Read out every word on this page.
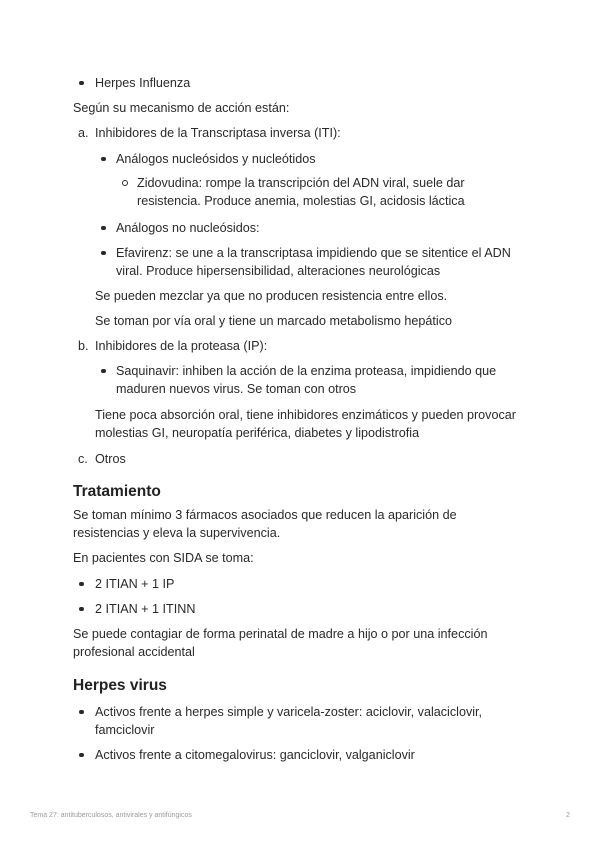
Herpes Influenza
Según su mecanismo de acción están:
a. Inhibidores de la Transcriptasa inversa (ITI):
Análogos nucleósidos y nucleótidos
Zidovudina: rompe la transcripción del ADN viral, suele dar
resistencia. Produce anemia, molestias GI, acidosis láctica
Análogos no nucleósidos:
Efavirenz: se une a la transcriptasa impidiendo que se sitentice el ADN
viral. Produce hipersensibilidad, alteraciones neurológicas
Se pueden mezclar ya que no producen resistencia entre ellos.
Se toman por vía oral y tiene un marcado metabolismo hepático
b. Inhibidores de la proteasa (IP):
Saquinavir: inhiben la acción de la enzima proteasa, impidiendo que
maduren nuevos virus. Se toman con otros
Tiene poca absorción oral, tiene inhibidores enzimáticos y pueden provocar
molestias GI, neuropatía periférica, diabetes y lipodistrofia
c. Otros
Tratamiento
Se toman mínimo 3 fármacos asociados que reducen la aparición de
resistencias y eleva la supervivencia.
En pacientes con SIDA se toma:
2 ITIAN + 1 IP
2 ITIAN + 1 ITINN
Se puede contagiar de forma perinatal de madre a hijo o por una infección
profesional accidental
Herpes virus
Activos frente a herpes simple y varicela-zoster: aciclovir, valaciclovir,
famciclovir
Activos frente a citomegalovirus: ganciclovir, valganiclovir
Tema 27: antituberculosos, antivirales y antifúngicos	2
